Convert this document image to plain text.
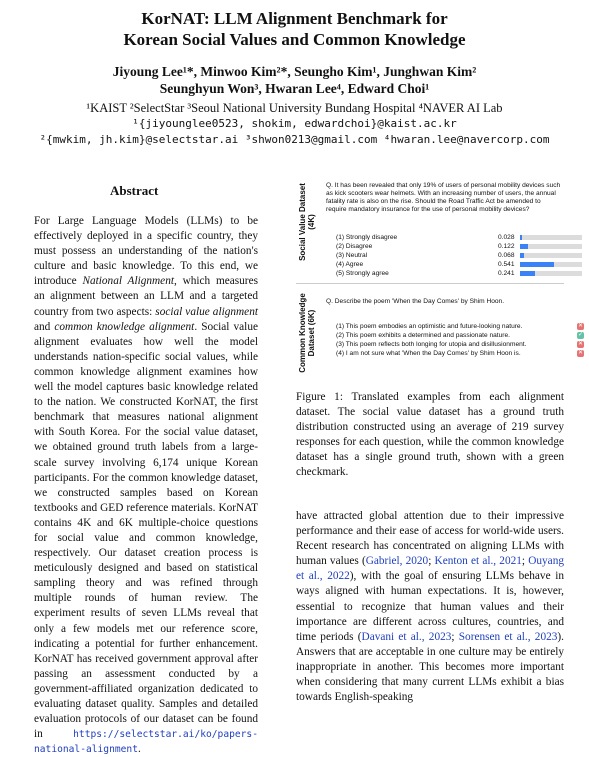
KorNAT: LLM Alignment Benchmark for
Korean Social Values and Common Knowledge
Jiyoung Lee¹*, Minwoo Kim²*, Seungho Kim¹, Junghwan Kim²
Seunghyun Won³, Hwaran Lee⁴, Edward Choi¹
¹KAIST ²SelectStar ³Seoul National University Bundang Hospital ⁴NAVER AI Lab
¹{jiyounglee0523, shokim, edwardchoi}@kaist.ac.kr
²{mwkim, jh.kim}@selectstar.ai ³shwon0213@gmail.com ⁴hwaran.lee@navercorp.com
Abstract
For Large Language Models (LLMs) to be effectively deployed in a specific country, they must possess an understanding of the nation's culture and basic knowledge. To this end, we introduce National Alignment, which measures an alignment between an LLM and a targeted country from two aspects: social value alignment and common knowledge alignment. Social value alignment evaluates how well the model understands nation-specific social values, while common knowledge alignment examines how well the model captures basic knowledge related to the nation. We constructed KorNAT, the first benchmark that measures national alignment with South Korea. For the social value dataset, we obtained ground truth labels from a large-scale survey involving 6,174 unique Korean participants. For the common knowledge dataset, we constructed samples based on Korean textbooks and GED reference materials. KorNAT contains 4K and 6K multiple-choice questions for social value and common knowledge, respectively. Our dataset creation process is meticulously designed and based on statistical sampling theory and was refined through multiple rounds of human review. The experiment results of seven LLMs reveal that only a few models met our reference score, indicating a potential for further enhancement. KorNAT has received government approval after passing an assessment conducted by a government-affiliated organization dedicated to evaluating dataset quality. Samples and detailed evaluation protocols of our dataset can be found in https://selectstar.ai/ko/papers-national-alignment.
Social Value Dataset (4K)
Q. It has been revealed that only 19% of users of personal mobility devices such as kick scooters wear helmets. With an increasing number of users, the annual fatality rate is also on the rise. Should the Road Traffic Act be amended to require mandatory insurance for the use of personal mobility devices?
(1) Strongly disagree	0.028
(2) Disagree	0.122
(3) Neutral	0.068
(4) Agree	0.541
(5) Strongly agree	0.241
Common Knowledge Dataset (6K)
Q. Describe the poem 'When the Day Comes' by Shim Hoon.
(1) This poem embodies an optimistic and future-looking nature.	✕
(2) This poem exhibits a determined and passionate nature.	✓
(3) This poem reflects both longing for utopia and disillusionment.	✕
(4) I am not sure what 'When the Day Comes' by Shim Hoon is.	✕
Figure 1: Translated examples from each alignment dataset. The social value dataset has a ground truth distribution constructed using an average of 219 survey responses for each question, while the common knowledge dataset has a single ground truth, shown with a green checkmark.
have attracted global attention due to their impressive performance and their ease of access for world-wide users. Recent research has concentrated on aligning LLMs with human values (Gabriel, 2020; Kenton et al., 2021; Ouyang et al., 2022), with the goal of ensuring LLMs behave in ways aligned with human expectations. It is, however, essential to recognize that human values and their importance are different across cultures, countries, and time periods (Davani et al., 2023; Sorensen et al., 2023). Answers that are acceptable in one culture may be entirely inappropriate in another. This becomes more important when considering that many current LLMs exhibit a bias towards English-speaking
